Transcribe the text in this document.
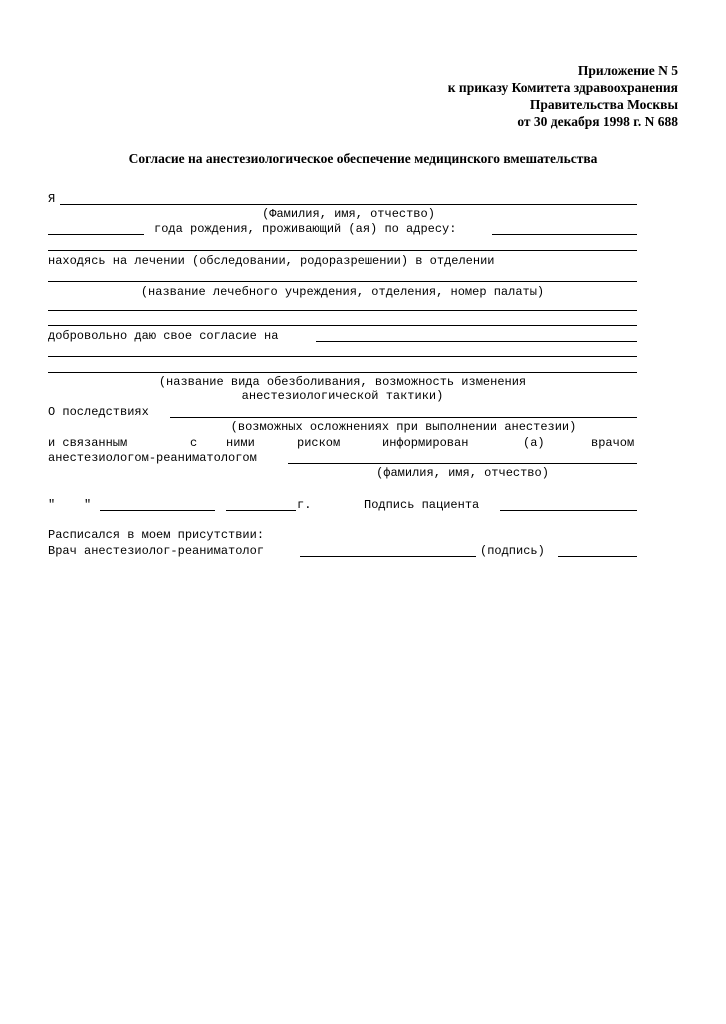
Приложение N 5
к приказу Комитета здравоохранения
Правительства Москвы
от 30 декабря 1998 г. N 688
Согласие на анестезиологическое обеспечение медицинского вмешательства
Я
(Фамилия, имя, отчество)
года рождения, проживающий (ая) по адресу:
находясь на лечении (обследовании, родоразрешении) в отделении
(название лечебного учреждения, отделения, номер палаты)
добровольно даю свое согласие на
(название вида обезболивания, возможность изменения
анестезиологической тактики)
О последствиях
(возможных осложнениях при выполнении анестезии)
и связанным	с ними	риском	информирован	(а)	врачом
анестезиологом-реаниматологом
(фамилия, имя, отчество)
" "	г.	Подпись пациента
Расписался в моем присутствии:
Врач анестезиолог-реаниматолог	(подпись)
